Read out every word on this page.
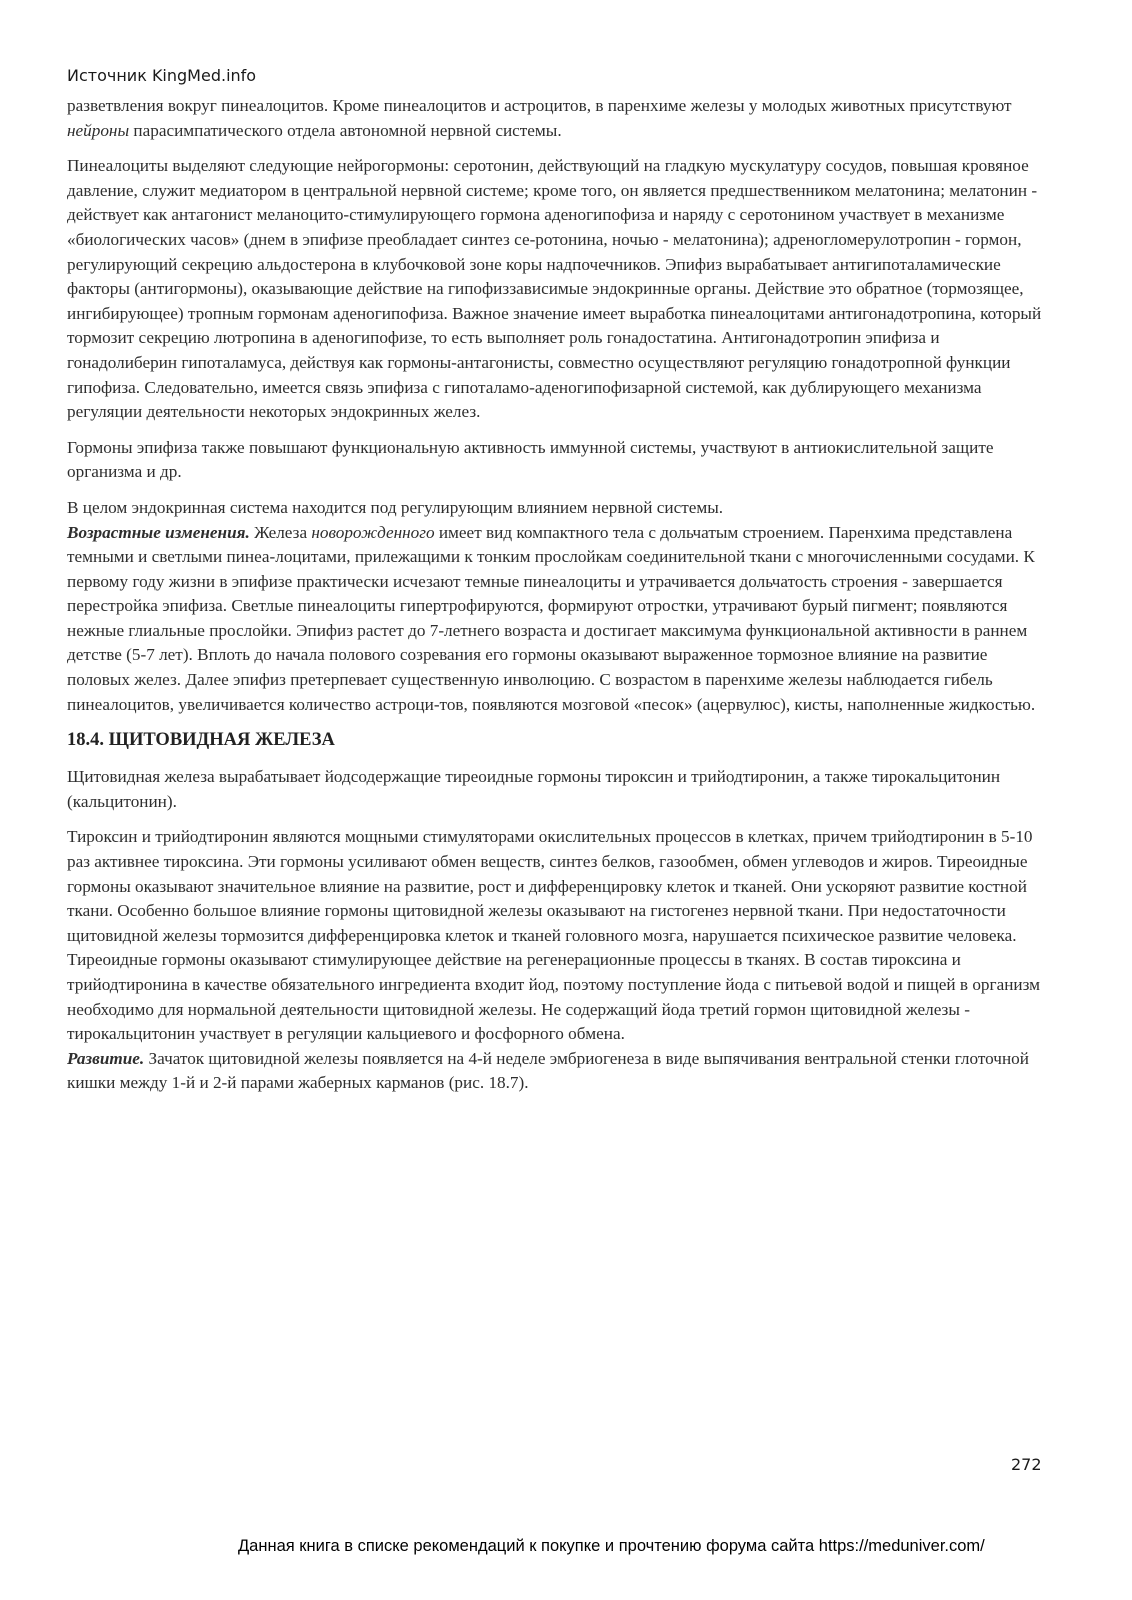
Источник KingMed.info

разветвления вокруг пинеалоцитов. Кроме пинеалоцитов и астроцитов, в паренхиме железы у молодых животных присутствуют нейроны парасимпатического отдела автономной нервной системы.

Пинеалоциты выделяют следующие нейрогормоны: серотонин, действующий на гладкую мускулатуру сосудов, повышая кровяное давление, служит медиатором в центральной нервной системе; кроме того, он является предшественником мелатонина; мелатонин - действует как антагонист меланоцито-стимулирующего гормона аденогипофиза и наряду с серотонином участвует в механизме «биологических часов» (днем в эпифизе преобладает синтез се-ротонина, ночью - мелатонина); адреногломерулотропин - гормон, регулирующий секрецию альдостерона в клубочковой зоне коры надпочечников. Эпифиз вырабатывает антигипоталамические факторы (антигормоны), оказывающие действие на гипофиззависимые эндокринные органы. Действие это обратное (тормозящее, ингибирующее) тропным гормонам аденогипофиза. Важное значение имеет выработка пинеалоцитами антигонадотропина, который тормозит секрецию лютропина в аденогипофизе, то есть выполняет роль гонадостатина. Антигонадотропин эпифиза и гонадолиберин гипоталамуса, действуя как гормоны-антагонисты, совместно осуществляют регуляцию гонадотропной функции гипофиза. Следовательно, имеется связь эпифиза с гипоталамо-аденогипофизарной системой, как дублирующего механизма регуляции деятельности некоторых эндокринных желез.

Гормоны эпифиза также повышают функциональную активность иммунной системы, участвуют в антиокислительной защите организма и др.

В целом эндокринная система находится под регулирующим влиянием нервной системы.

Возрастные изменения. Железа новорожденного имеет вид компактного тела с дольчатым строением. Паренхима представлена темными и светлыми пинеа-лоцитами, прилежащими к тонким прослойкам соединительной ткани с многочисленными сосудами. К первому году жизни в эпифизе практически исчезают темные пинеалоциты и утрачивается дольчатость строения - завершается перестройка эпифиза. Светлые пинеалоциты гипертрофируются, формируют отростки, утрачивают бурый пигмент; появляются нежные глиальные прослойки. Эпифиз растет до 7-летнего возраста и достигает максимума функциональной активности в раннем детстве (5-7 лет). Вплоть до начала полового созревания его гормоны оказывают выраженное тормозное влияние на развитие половых желез. Далее эпифиз претерпевает существенную инволюцию. С возрастом в паренхиме железы наблюдается гибель пинеалоцитов, увеличивается количество астроци-тов, появляются мозговой «песок» (ацервулюс), кисты, наполненные жидкостью.

18.4. ЩИТОВИДНАЯ ЖЕЛЕЗА

Щитовидная железа вырабатывает йодсодержащие тиреоидные гормоны тироксин и трийодтиронин, а также тирокальцитонин (кальцитонин).

Тироксин и трийодтиронин являются мощными стимуляторами окислительных процессов в клетках, причем трийодтиронин в 5-10 раз активнее тироксина. Эти гормоны усиливают обмен веществ, синтез белков, газообмен, обмен углеводов и жиров. Тиреоидные гормоны оказывают значительное влияние на развитие, рост и дифференцировку клеток и тканей. Они ускоряют развитие костной ткани. Особенно большое влияние гормоны щитовидной железы оказывают на гистогенез нервной ткани. При недостаточности щитовидной железы тормозится дифференцировка клеток и тканей головного мозга, нарушается психическое развитие человека. Тиреоидные гормоны оказывают стимулирующее действие на регенерационные процессы в тканях. В состав тироксина и трийодтиронина в качестве обязательного ингредиента входит йод, поэтому поступление йода с питьевой водой и пищей в организм необходимо для нормальной деятельности щитовидной железы. Не содержащий йода третий гормон щитовидной железы - тирокальцитонин участвует в регуляции кальциевого и фосфорного обмена.

Развитие. Зачаток щитовидной железы появляется на 4-й неделе эмбриогенеза в виде выпячивания вентральной стенки глоточной кишки между 1-й и 2-й парами жаберных карманов (рис. 18.7).

272
Данная книга в списке рекомендаций к покупке и прочтению форума сайта https://meduniver.com/
